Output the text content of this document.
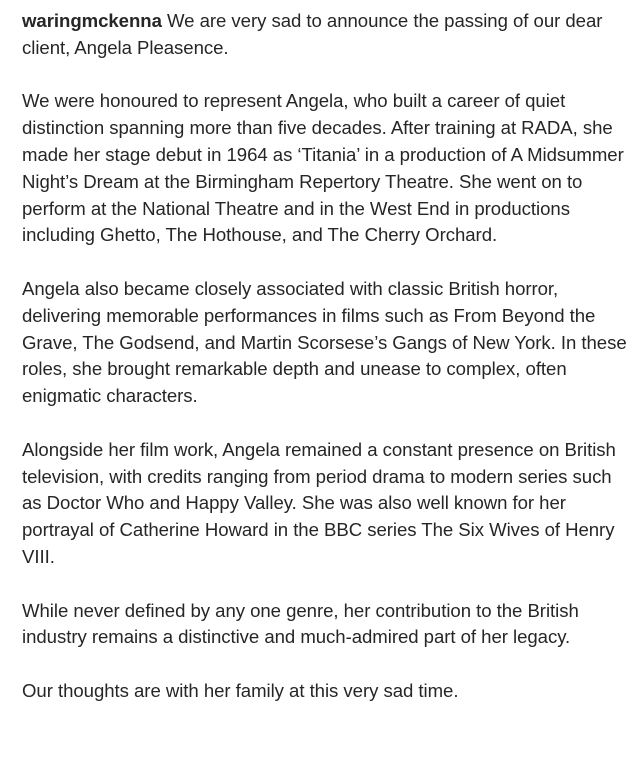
waringmckenna We are very sad to announce the passing of our dear client, Angela Pleasence.

We were honoured to represent Angela, who built a career of quiet distinction spanning more than five decades. After training at RADA, she made her stage debut in 1964 as ‘Titania’ in a production of A Midsummer Night’s Dream at the Birmingham Repertory Theatre. She went on to perform at the National Theatre and in the West End in productions including Ghetto, The Hothouse, and The Cherry Orchard.

Angela also became closely associated with classic British horror, delivering memorable performances in films such as From Beyond the Grave, The Godsend, and Martin Scorsese’s Gangs of New York. In these roles, she brought remarkable depth and unease to complex, often enigmatic characters.

Alongside her film work, Angela remained a constant presence on British television, with credits ranging from period drama to modern series such as Doctor Who and Happy Valley. She was also well known for her portrayal of Catherine Howard in the BBC series The Six Wives of Henry VIII.

While never defined by any one genre, her contribution to the British industry remains a distinctive and much-admired part of her legacy.

Our thoughts are with her family at this very sad time.
